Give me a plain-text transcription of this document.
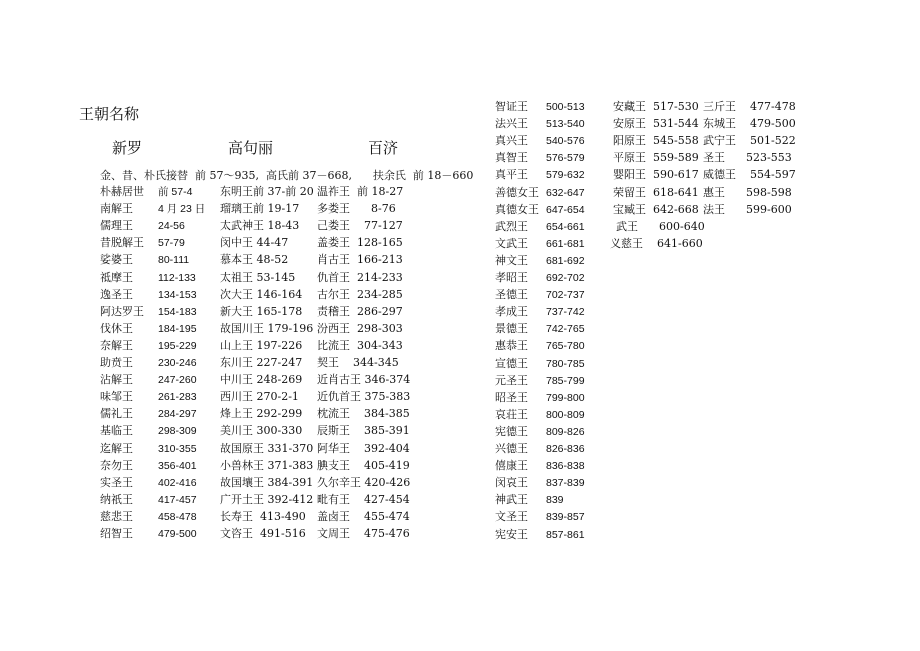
王朝名称
新罗	高句丽	百济
金、昔、朴氏接替  前 57～935,  高氏前 37－668,      扶余氏  前 18－660
朴赫居世 前 57-4	东明王前 37-前 20 温祚王  前 18-27
南解王 4 月 23 日 瑠璃王前 19-17 多娄王      8-76
儒理王 24-56	太武神王 18-43 己娄王    77-127
昔脱解王 57-79	闵中王 44-47	盖娄王  128-165
娑婆王 80-111	慕本王 48-52	肖古王  166-213
祗摩王 112-133 太祖王 53-145 仇首王  214-233
逸圣王 134-153 次大王 146-164 古尔王  234-285
阿达罗王 154-183 新大王 165-178 责稽王  286-297
伐休王 184-195 故国川王 179-196 汾西王  298-303
奈解王 195-229 山上王 197-226 比流王  304-343
助贲王 230-246 东川王 227-247 契王    344-345
沾解王 247-260 中川王 248-269 近肖古王 346-374
味邹王 261-283 西川王 270-2-1 近仇首王 375-383
儒礼王 284-297 烽上王 292-299 枕流王    384-385
基临王 298-309 美川王 300-330 辰斯王    385-391
迄解王 310-355 故国原王 331-370 阿华王    392-404
奈勿王 356-401 小兽林王 371-383 腆支王    405-419
实圣王 402-416 故国壤王 384-391 久尔辛王 420-426
纳祇王 417-457 广开土王 392-412 毗有王    427-454
慈悲王 458-478 长寿王  413-490 盖卤王    455-474
绍智王 479-500 文咨王  491-516 文周王    475-476
智证王 500-513
法兴王 513-540
真兴王 540-576
真智王 576-579
真平王 579-632
善德女王 632-647
真德女王 647-654
武烈王 654-661
文武王 661-681
神文王 681-692
孝昭王 692-702
圣德王 702-737
孝成王 737-742
景德王 742-765
惠恭王 765-780
宣德王 780-785
元圣王 785-799
昭圣王 799-800
哀荘王 800-809
宪德王 809-826
兴德王 826-836
僖康王 836-838
闵哀王 837-839
神武王 839
文圣王 839-857
宪安王 857-861
安藏王  517-530
安原王  531-544
阳原王  545-558
平原王  559-589
婴阳王  590-617
荣留王  618-641
宝臧王  642-668
武王      600-640
义慈王    641-660
三斤王    477-478
东城王    479-500
武宁王    501-522
圣王      523-553
威德王    554-597
惠王      598-598
法王      599-600
